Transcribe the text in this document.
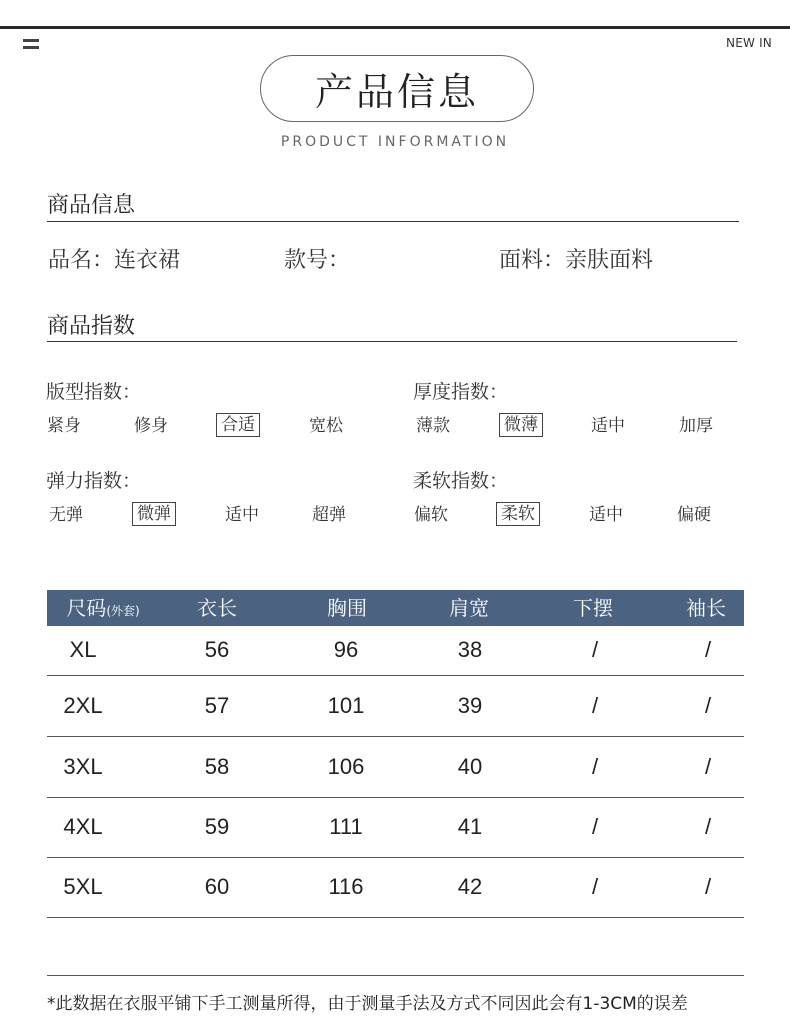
NEW IN
产品信息
PRODUCT INFORMATION
商品信息
品名：连衣裙	款号：	面料：亲肤面料
商品指数
版型指数：
紧身	修身	合适	宽松
厚度指数：
薄款	微薄	适中	加厚
弹力指数：
无弹	微弹	适中	超弹
柔软指数：
偏软	柔软	适中	偏硬
尺码(外套)	衣长	胸围	肩宽	下摆	袖长
XL	56	96	38	/	/
2XL	57	101	39	/	/
3XL	58	106	40	/	/
4XL	59	111	41	/	/
5XL	60	116	42	/	/
*此数据在衣服平铺下手工测量所得，由于测量手法及方式不同因此会有1-3CM的误差
